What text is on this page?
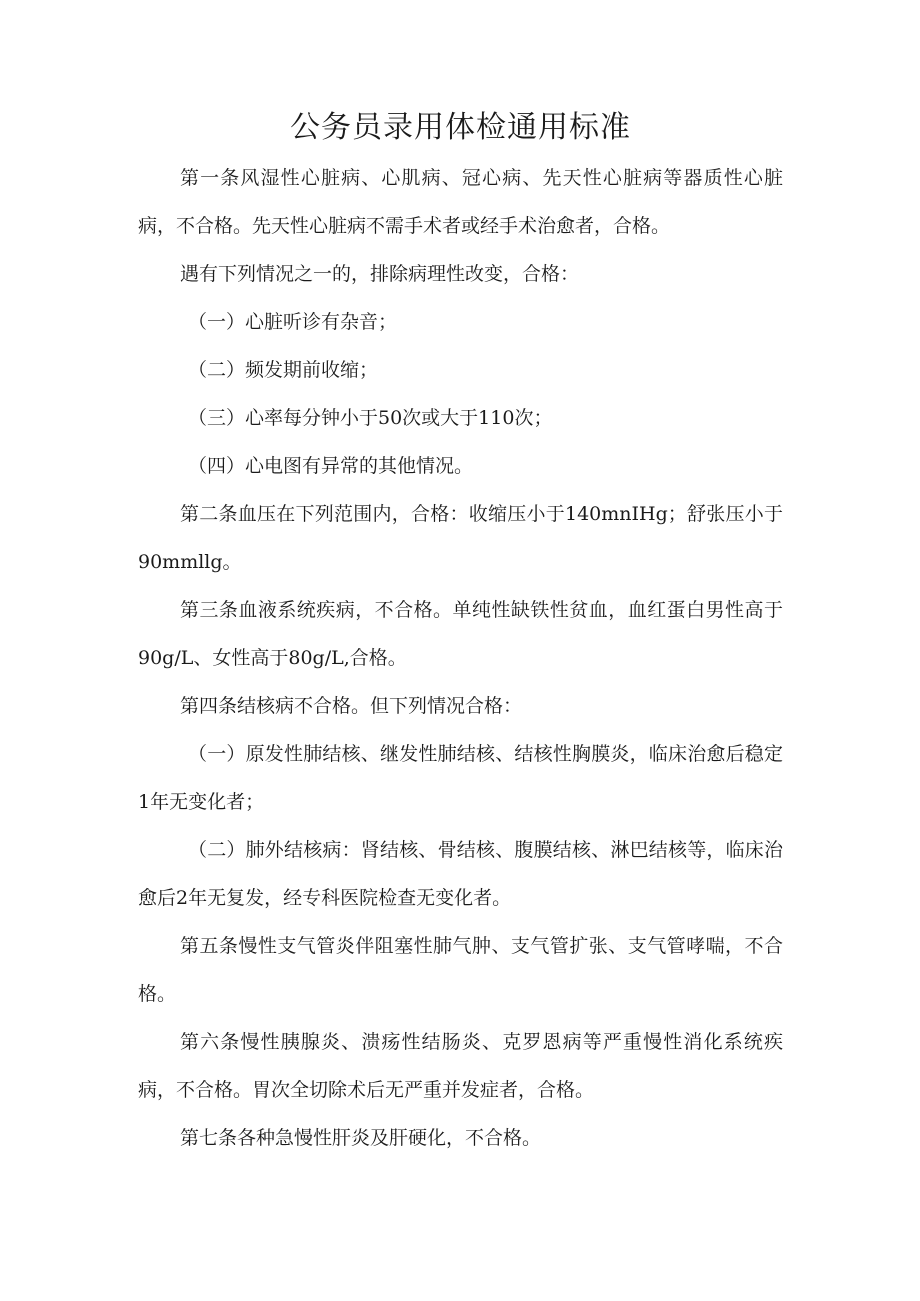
公务员录用体检通用标准

第一条风湿性心脏病、心肌病、冠心病、先天性心脏病等器质性心脏病，不合格。先天性心脏病不需手术者或经手术治愈者，合格。

遇有下列情况之一的，排除病理性改变，合格：

（一）心脏听诊有杂音；

（二）频发期前收缩；

（三）心率每分钟小于50次或大于110次；

（四）心电图有异常的其他情况。

第二条血压在下列范围内，合格：收缩压小于140mnIHg；舒张压小于90mmllg。

第三条血液系统疾病，不合格。单纯性缺铁性贫血，血红蛋白男性高于90g/L、女性高于80g/L,合格。

第四条结核病不合格。但下列情况合格：

（一）原发性肺结核、继发性肺结核、结核性胸膜炎，临床治愈后稳定1年无变化者；

（二）肺外结核病：肾结核、骨结核、腹膜结核、淋巴结核等，临床治愈后2年无复发，经专科医院检查无变化者。

第五条慢性支气管炎伴阻塞性肺气肿、支气管扩张、支气管哮喘，不合格。

第六条慢性胰腺炎、溃疡性结肠炎、克罗恩病等严重慢性消化系统疾病，不合格。胃次全切除术后无严重并发症者，合格。

第七条各种急慢性肝炎及肝硬化，不合格。
